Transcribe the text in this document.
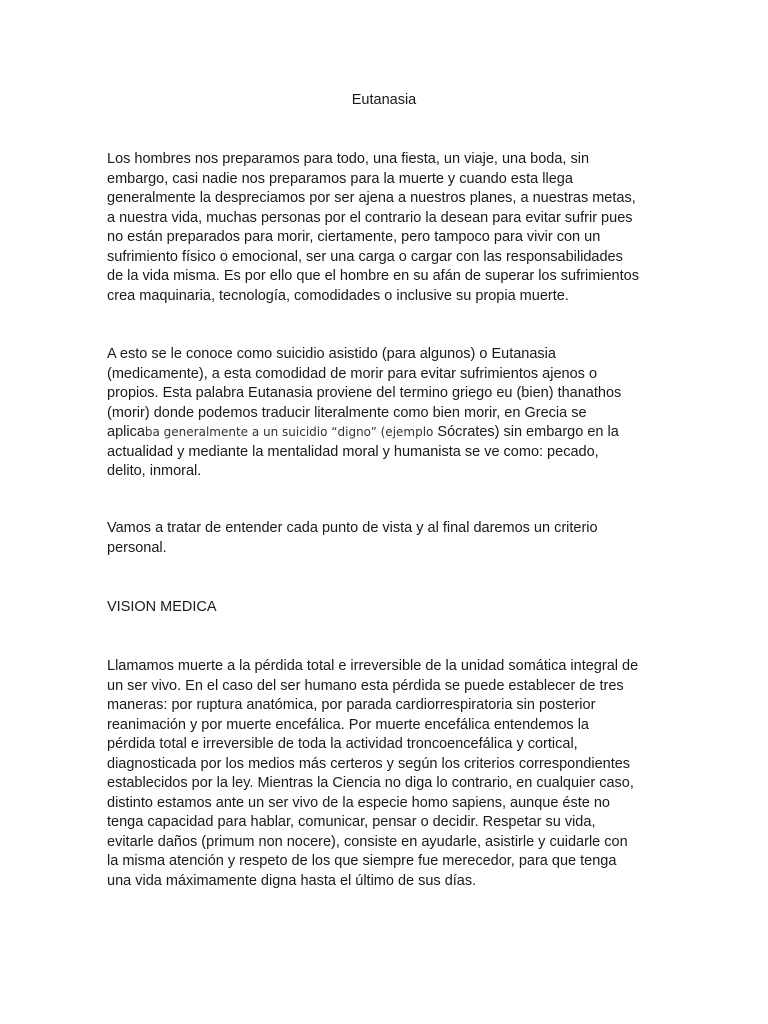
Eutanasia

Los hombres nos preparamos para todo, una fiesta, un viaje, una boda, sin
embargo, casi nadie nos preparamos para la muerte y cuando esta llega
generalmente la despreciamos por ser ajena a nuestros planes, a nuestras metas,
a nuestra vida, muchas personas por el contrario la desean para evitar sufrir pues
no están preparados para morir, ciertamente, pero tampoco para vivir con un
sufrimiento físico o emocional, ser una carga o cargar con las responsabilidades
de la vida misma. Es por ello que el hombre en su afán de superar los sufrimientos
crea maquinaria, tecnología, comodidades o inclusive su propia muerte.

A esto se le conoce como suicidio asistido (para algunos) o Eutanasia
(medicamente), a esta comodidad de morir para evitar sufrimientos ajenos o
propios. Esta palabra Eutanasia proviene del termino griego eu (bien) thanathos
(morir) donde podemos traducir literalmente como bien morir, en Grecia se
aplicaba generalmente a un suicidio “digno” (ejemplo Sócrates) sin embargo en la
actualidad y mediante la mentalidad moral y humanista se ve como: pecado,
delito, inmoral.

Vamos a tratar de entender cada punto de vista y al final daremos un criterio
personal.

VISION MEDICA

Llamamos muerte a la pérdida total e irreversible de la unidad somática integral de
un ser vivo. En el caso del ser humano esta pérdida se puede establecer de tres
maneras: por ruptura anatómica, por parada cardiorrespiratoria sin posterior
reanimación y por muerte encefálica. Por muerte encefálica entendemos la
pérdida total e irreversible de toda la actividad troncoencefálica y cortical,
diagnosticada por los medios más certeros y según los criterios correspondientes
establecidos por la ley. Mientras la Ciencia no diga lo contrario, en cualquier caso,
distinto estamos ante un ser vivo de la especie homo sapiens, aunque éste no
tenga capacidad para hablar, comunicar, pensar o decidir. Respetar su vida,
evitarle daños (primum non nocere), consiste en ayudarle, asistirle y cuidarle con
la misma atención y respeto de los que siempre fue merecedor, para que tenga
una vida máximamente digna hasta el último de sus días.
